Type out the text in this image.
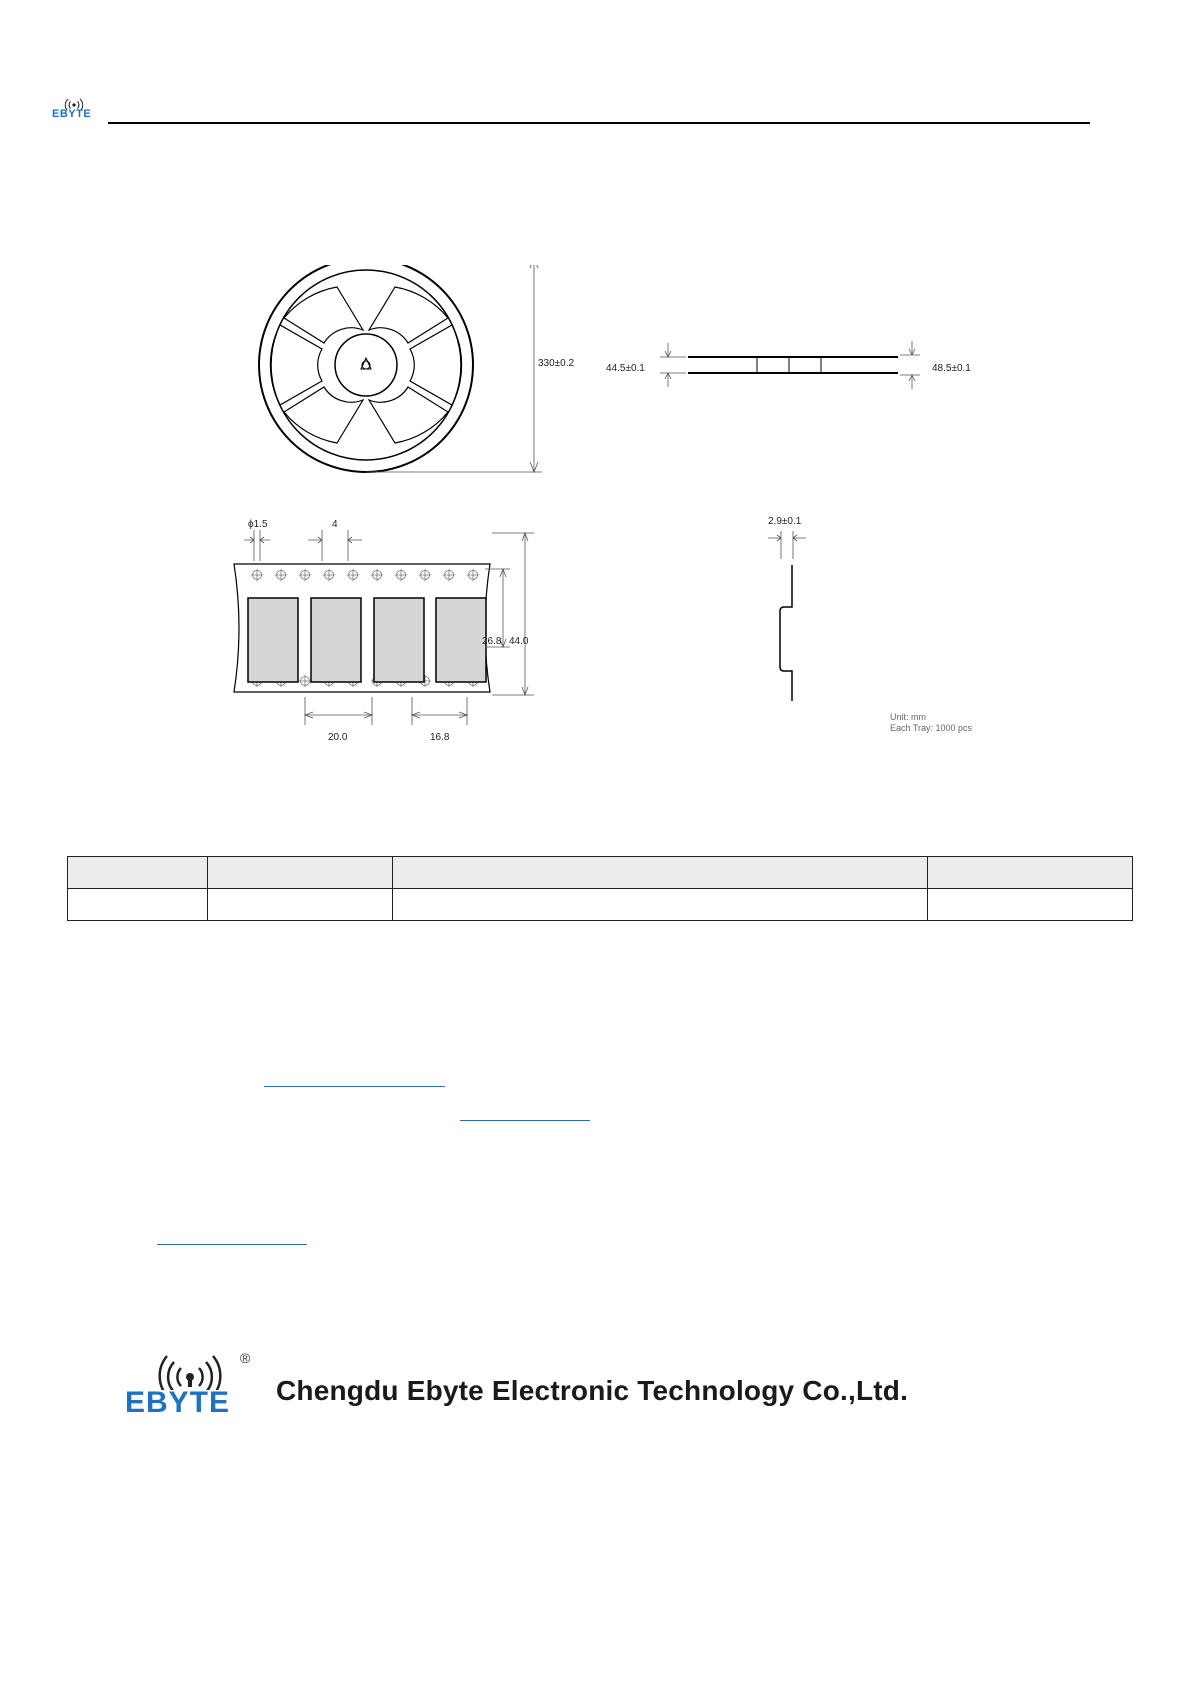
EBYTE
330±0.2	44.5±0.1	48.5±0.1
ϕ1.5	4
26.8 44.0
20.0	16.8
2.9±0.1
Unit: mm
Each Tray: 1000 pcs

®
EBYTE Chengdu Ebyte Electronic Technology Co.,Ltd.
